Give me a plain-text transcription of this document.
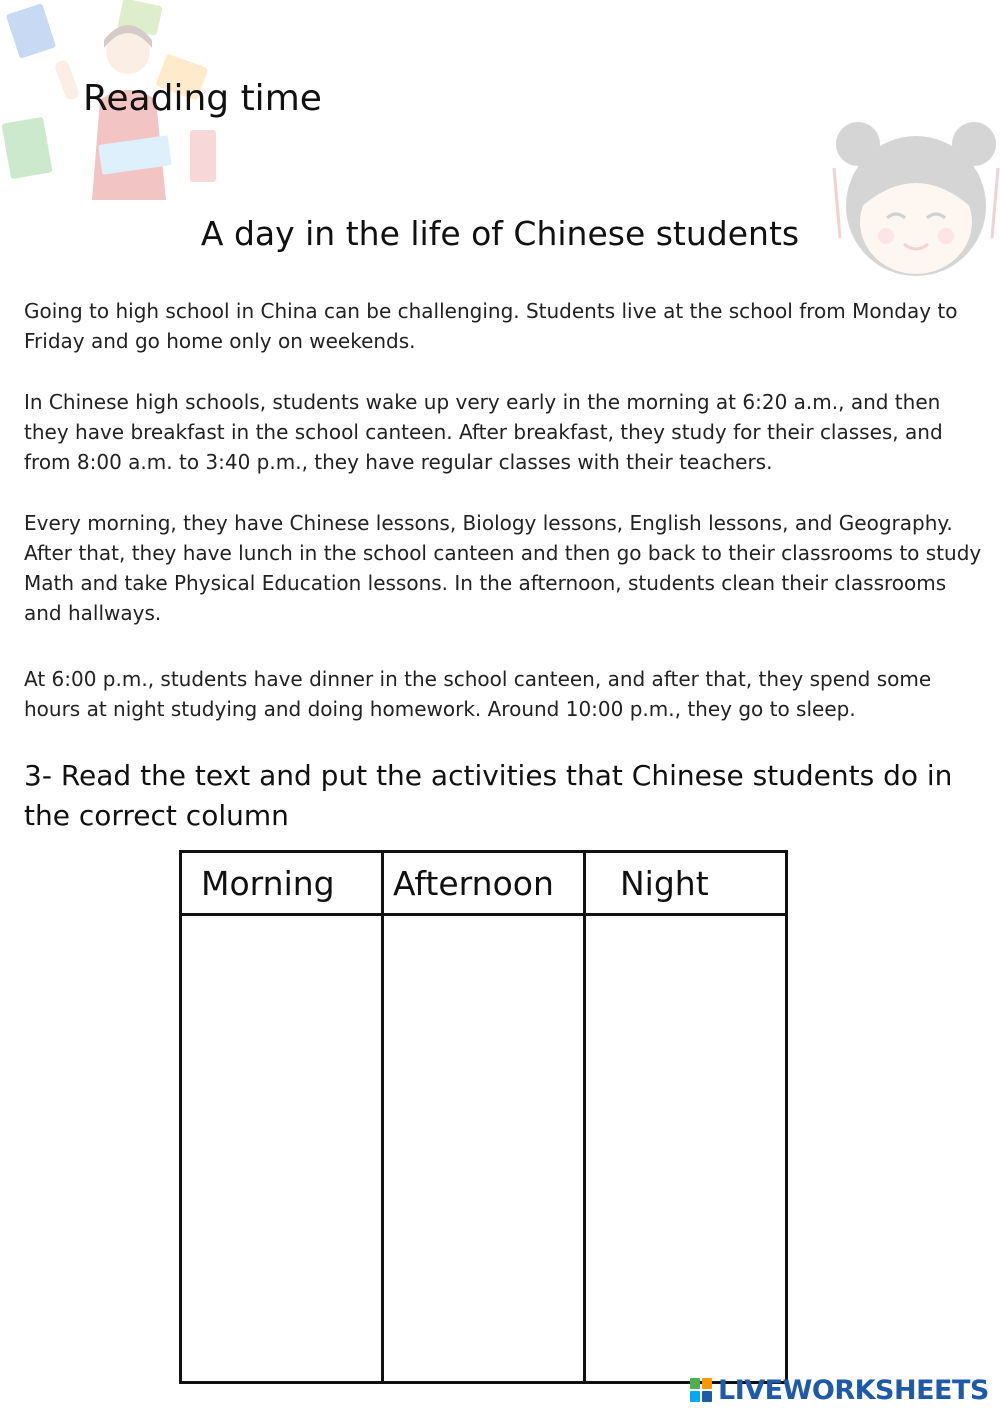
Reading time
A day in the life of Chinese students

Going to high school in China can be challenging. Students live at the school from Monday to Friday and go home only on weekends.

In Chinese high schools, students wake up very early in the morning at 6:20 a.m., and then they have breakfast in the school canteen. After breakfast, they study for their classes, and from 8:00 a.m. to 3:40 p.m., they have regular classes with their teachers.

Every morning, they have Chinese lessons, Biology lessons, English lessons, and Geography. After that, they have lunch in the school canteen and then go back to their classrooms to study Math and take Physical Education lessons. In the afternoon, students clean their classrooms and hallways.

At 6:00 p.m., students have dinner in the school canteen, and after that, they spend some hours at night studying and doing homework. Around 10:00 p.m., they go to sleep.

3- Read the text and put the activities that Chinese students do in the correct column

Morning	Afternoon	Night

LIVEWORKSHEETS
